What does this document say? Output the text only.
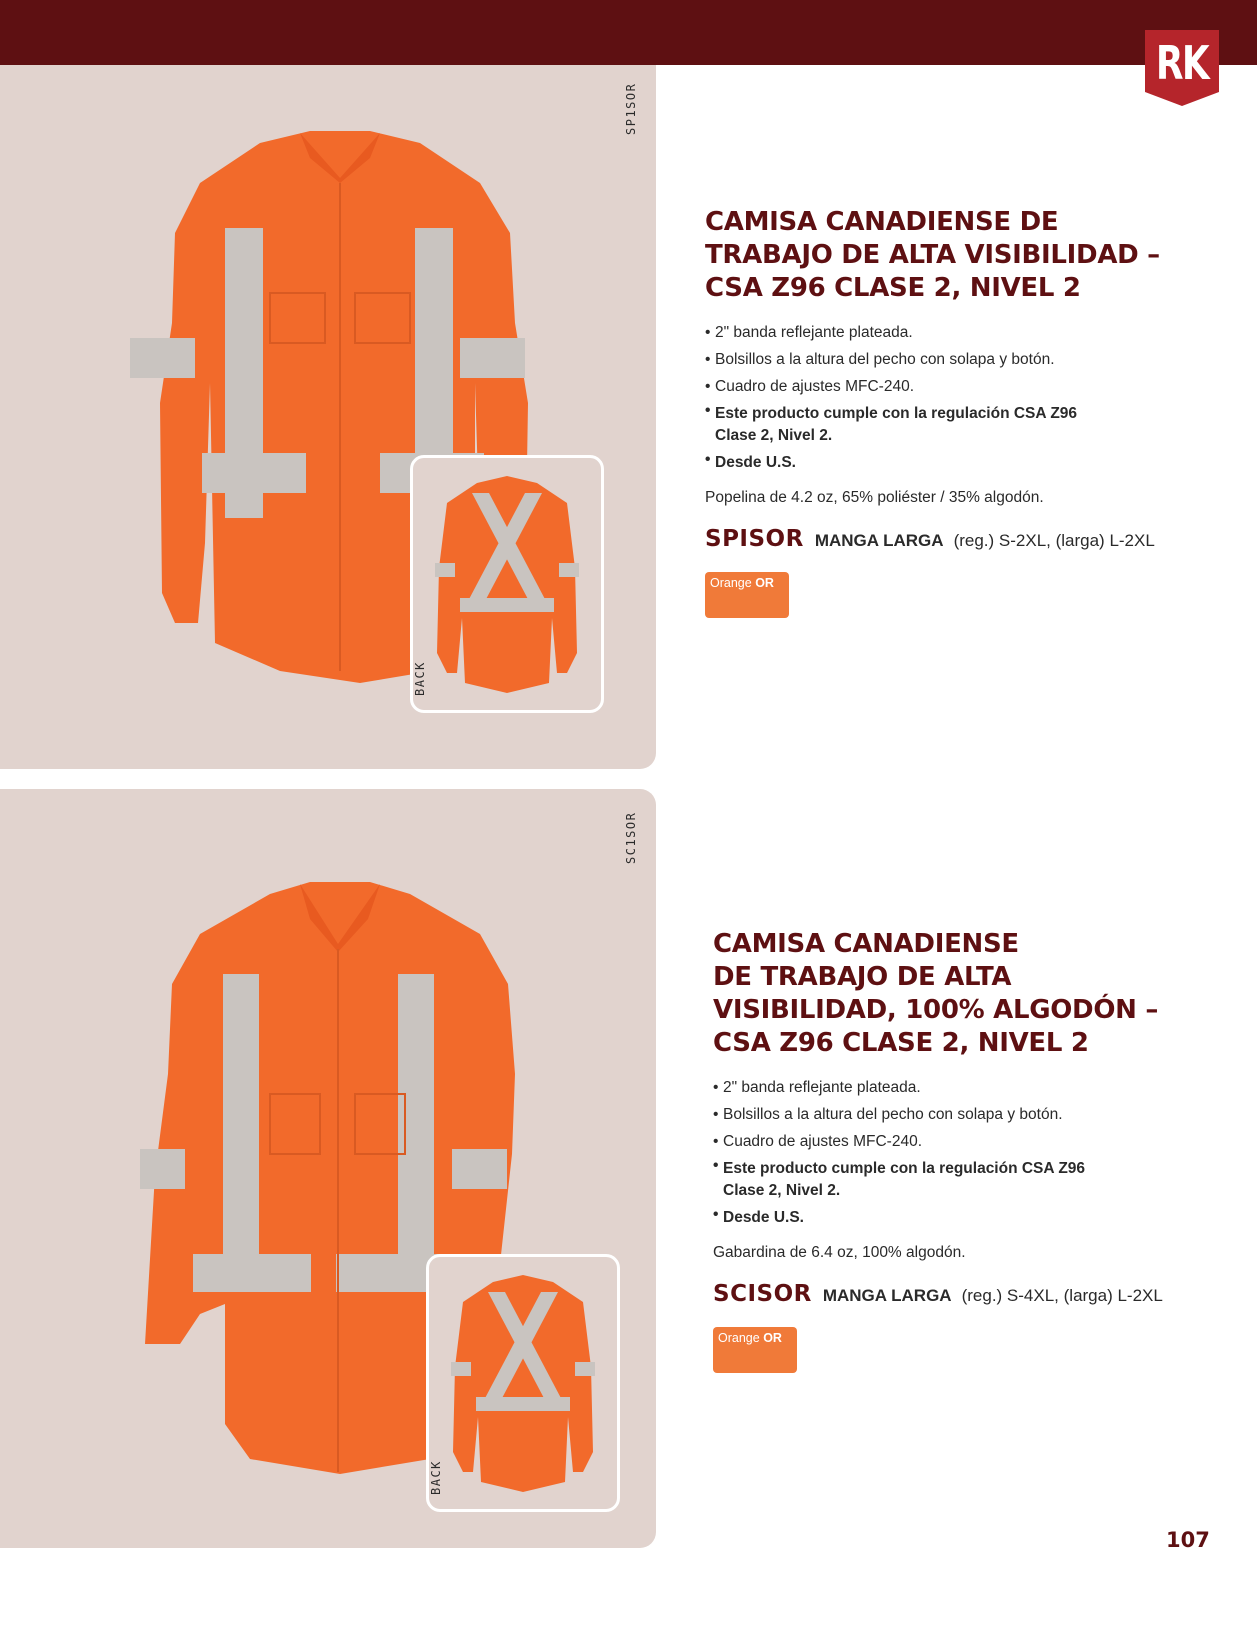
RK
SP1SOR
BACK
CAMISA CANADIENSE DE
TRABAJO DE ALTA VISIBILIDAD –
CSA Z96 CLASE 2, NIVEL 2
• 2" banda reflejante plateada.
• Bolsillos a la altura del pecho con solapa y botón.
• Cuadro de ajustes MFC-240.
• Este producto cumple con la regulación CSA Z96 Clase 2, Nivel 2.
• Desde U.S.
Popelina de 4.2 oz, 65% poliéster / 35% algodón.
SPISOR MANGA LARGA (reg.) S-2XL, (larga) L-2XL
Orange OR
SC1SOR
BACK
CAMISA CANADIENSE
DE TRABAJO DE ALTA
VISIBILIDAD, 100% ALGODÓN –
CSA Z96 CLASE 2, NIVEL 2
• 2" banda reflejante plateada.
• Bolsillos a la altura del pecho con solapa y botón.
• Cuadro de ajustes MFC-240.
• Este producto cumple con la regulación CSA Z96 Clase 2, Nivel 2.
• Desde U.S.
Gabardina de 6.4 oz, 100% algodón.
SCISOR MANGA LARGA (reg.) S-4XL, (larga) L-2XL
Orange OR
107
